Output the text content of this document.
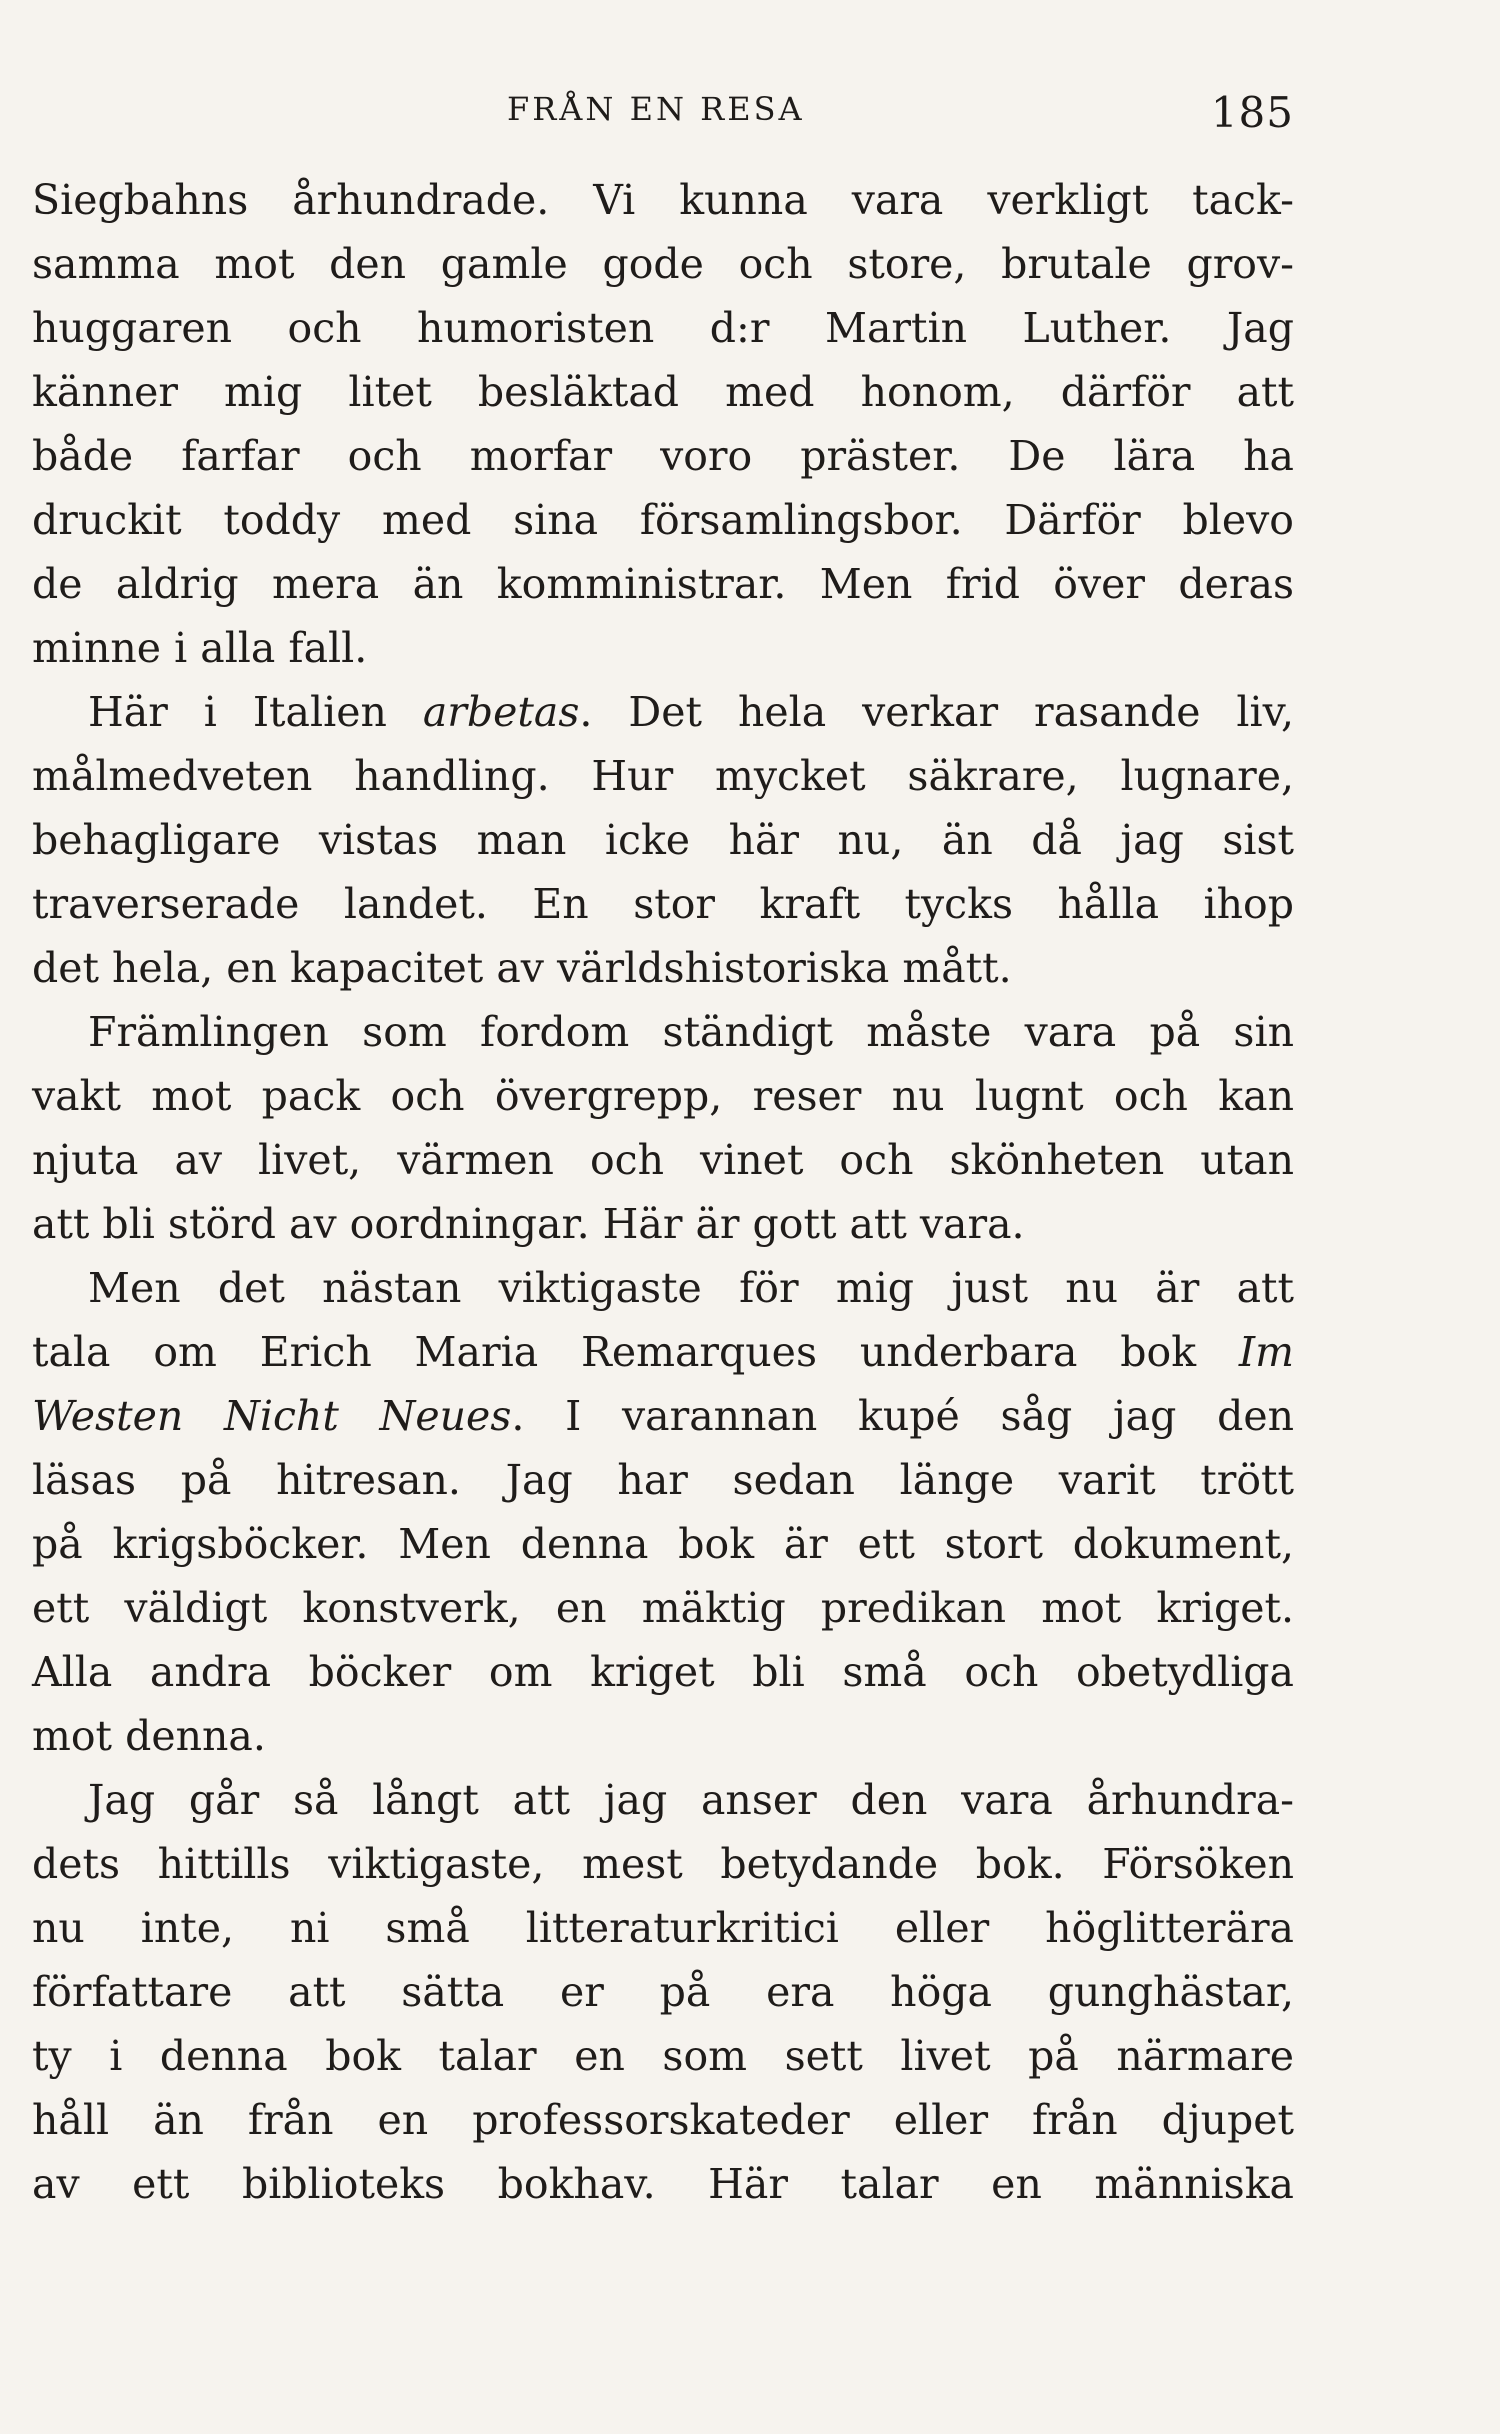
FRÅN EN RESA	185
Siegbahns århundrade. Vi kunna vara verkligt tack-
samma mot den gamle gode och store, brutale grov-
huggaren och humoristen d:r Martin Luther. Jag
känner mig litet besläktad med honom, därför att
både farfar och morfar voro präster. De lära ha
druckit toddy med sina församlingsbor. Därför blevo
de aldrig mera än komministrar. Men frid över deras
minne i alla fall.
Här i Italien arbetas. Det hela verkar rasande liv,
målmedveten handling. Hur mycket säkrare, lugnare,
behagligare vistas man icke här nu, än då jag sist
traverserade landet. En stor kraft tycks hålla ihop
det hela, en kapacitet av världshistoriska mått.
Främlingen som fordom ständigt måste vara på sin
vakt mot pack och övergrepp, reser nu lugnt och kan
njuta av livet, värmen och vinet och skönheten utan
att bli störd av oordningar. Här är gott att vara.
Men det nästan viktigaste för mig just nu är att
tala om Erich Maria Remarques underbara bok Im
Westen Nicht Neues. I varannan kupé såg jag den
läsas på hitresan. Jag har sedan länge varit trött
på krigsböcker. Men denna bok är ett stort dokument,
ett väldigt konstverk, en mäktig predikan mot kriget.
Alla andra böcker om kriget bli små och obetydliga
mot denna.
Jag går så långt att jag anser den vara århundra-
dets hittills viktigaste, mest betydande bok. Försöken
nu inte, ni små litteraturkritici eller höglitterära
författare att sätta er på era höga gunghästar,
ty i denna bok talar en som sett livet på närmare
håll än från en professorskateder eller från djupet
av ett biblioteks bokhav. Här talar en människa
